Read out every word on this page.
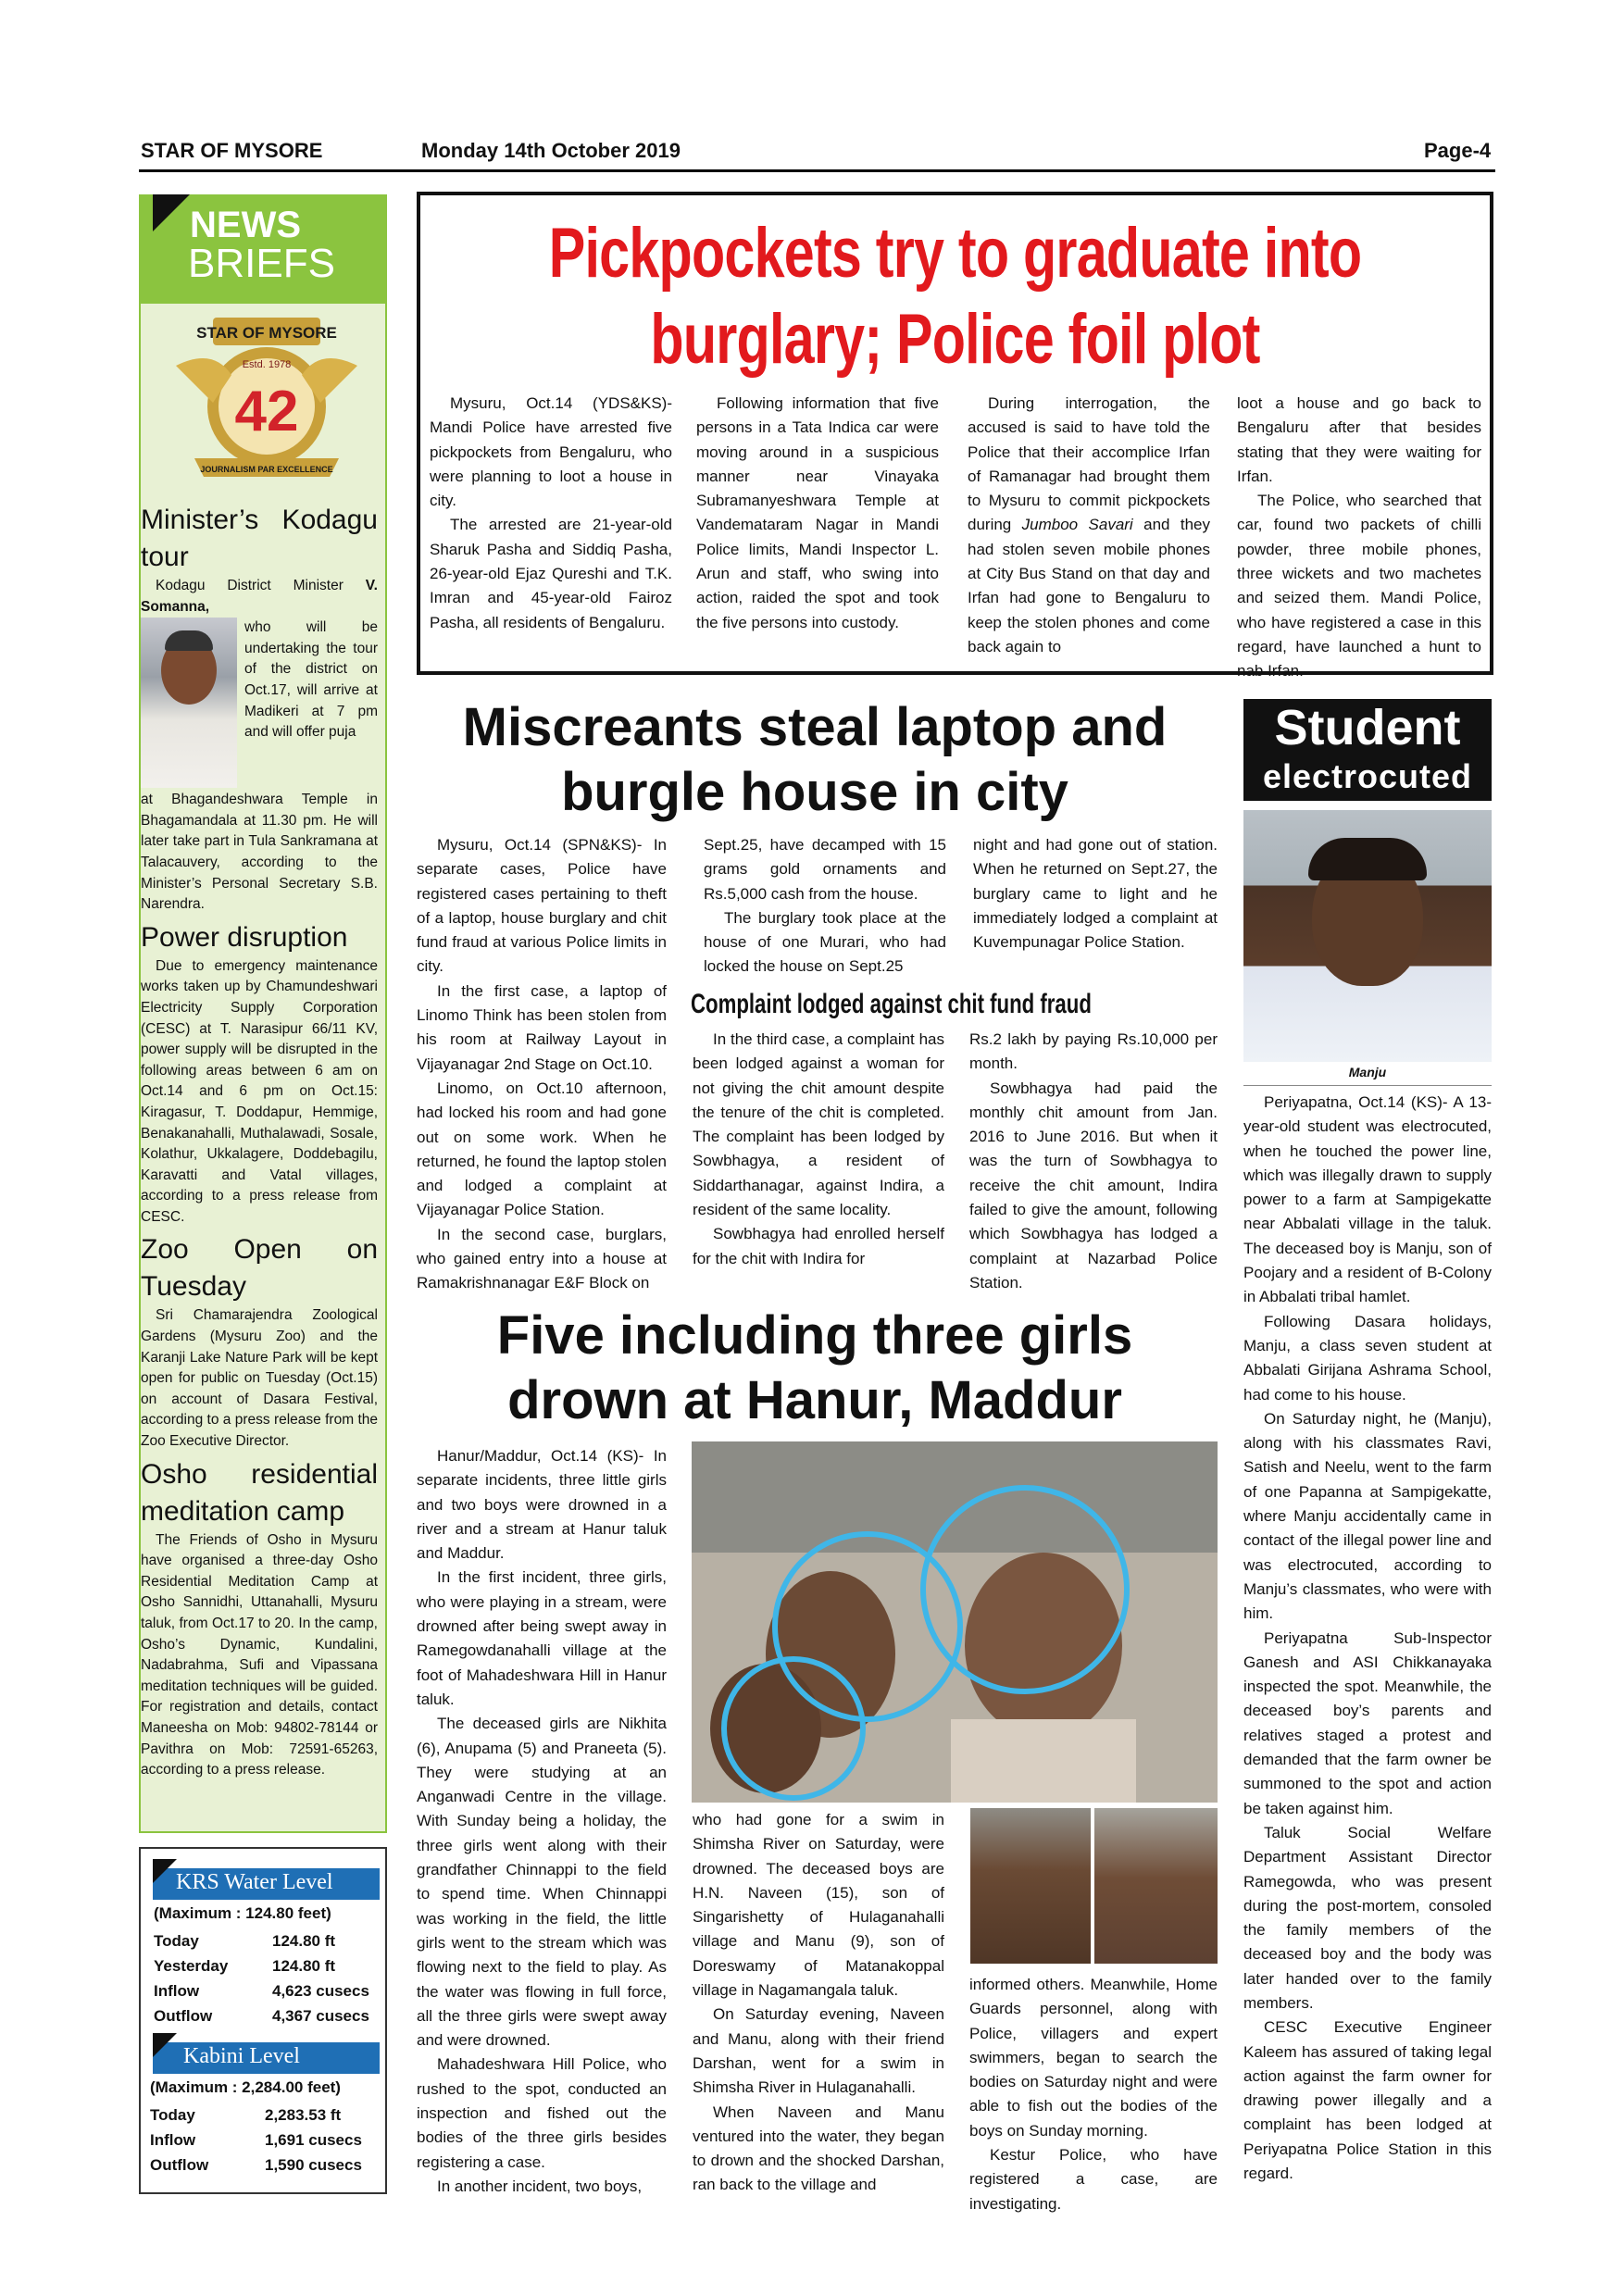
STAR OF MYSORE	Monday 14th October 2019	Page-4
NEWS
BRIEFS
STAR OF MYSORE
Estd. 1978
42
JOURNALISM PAR EXCELLENCE
Minister’s Kodagu tour

Kodagu District Minister V. Somanna,

who will be undertaking the tour of the district on Oct.17, will arrive at Madikeri at 7 pm and will offer puja

at Bhagandeshwara Temple in Bhagamandala at 11.30 pm. He will later take part in Tula Sankramana at Talacauvery, according to the Minister’s Personal Secretary S.B. Narendra.

Power disruption

Due to emergency maintenance works taken up by Chamundeshwari Electricity Supply Corporation (CESC) at T. Narasipur 66/11 KV, power supply will be disrupted in the following areas between 6 am on Oct.14 and 6 pm on Oct.15: Kiragasur, T. Doddapur, Hemmige, Benakanahalli, Muthalawadi, Sosale, Kolathur, Ukkalagere, Doddebagilu, Karavatti and Vatal villages, according to a press release from CESC.

Zoo Open on Tuesday

Sri Chamarajendra Zoological Gardens (Mysuru Zoo) and the Karanji Lake Nature Park will be kept open for public on Tuesday (Oct.15) on account of Dasara Festival, according to a press release from the Zoo Executive Director.

Osho residential meditation camp

The Friends of Osho in Mysuru have organised a three-day Osho Residential Meditation Camp at Osho Sannidhi, Uttanahalli, Mysuru taluk, from Oct.17 to 20. In the camp, Osho’s Dynamic, Kundalini, Nadabrahma, Sufi and Vipassana meditation techniques will be guided. For registration and details, contact Maneesha on Mob: 94802-78144 or Pavithra on Mob: 72591-65263, according to a press release.

KRS Water Level
(Maximum : 124.80 feet)
Today	124.80 ft
Yesterday	124.80 ft
Inflow	4,623 cusecs
Outflow	4,367 cusecs
Kabini Level
(Maximum : 2,284.00 feet)
Today	2,283.53 ft
Inflow	1,691 cusecs
Outflow	1,590 cusecs
Pickpockets try to graduate into
burglary; Police foil plot

Mysuru, Oct.14 (YDS&KS)- Mandi Police have arrested five pickpockets from Bengaluru, who were planning to loot a house in city.

The arrested are 21-year-old Sharuk Pasha and Siddiq Pasha, 26-year-old Ejaz Qureshi and T.K. Imran and 45-year-old Fairoz Pasha, all residents of Bengaluru.

Following information that five persons in a Tata Indica car were moving around in a suspicious manner near Vinayaka Subramanyeshwara Temple at Vandemataram Nagar in Mandi Police limits, Mandi Inspector L. Arun and staff, who swing into action, raided the spot and took the five persons into custody.

During interrogation, the accused is said to have told the Police that their accomplice Irfan of Ramanagar had brought them to Mysuru to commit pickpockets during Jumboo Savari and they had stolen seven mobile phones at City Bus Stand on that day and Irfan had gone to Bengaluru to keep the stolen phones and come back again to

loot a house and go back to Bengaluru after that besides stating that they were waiting for Irfan.

The Police, who searched that car, found two packets of chilli powder, three mobile phones, three wickets and two machetes and seized them. Mandi Police, who have registered a case in this regard, have launched a hunt to nab Irfan.

Miscreants steal laptop and
burgle house in city

Mysuru, Oct.14 (SPN&KS)- In separate cases, Police have registered cases pertaining to theft of a laptop, house burglary and chit fund fraud at various Police limits in city.

In the first case, a laptop of Linomo Think has been stolen from his room at Railway Layout in Vijayanagar 2nd Stage on Oct.10.

Linomo, on Oct.10 afternoon, had locked his room and had gone out on some work. When he returned, he found the laptop stolen and lodged a complaint at Vijayanagar Police Station.

In the second case, burglars, who gained entry into a house at Ramakrishnanagar E&F Block on

Sept.25, have decamped with 15 grams gold ornaments and Rs.5,000 cash from the house.

The burglary took place at the house of one Murari, who had locked the house on Sept.25

night and had gone out of station. When he returned on Sept.27, the burglary came to light and he immediately lodged a complaint at Kuvempunagar Police Station.

Complaint lodged against chit fund fraud

In the third case, a complaint has been lodged against a woman for not giving the chit amount despite the tenure of the chit is completed. The complaint has been lodged by Sowbhagya, a resident of Siddarthanagar, against Indira, a resident of the same locality.

Sowbhagya had enrolled herself for the chit with Indira for

Rs.2 lakh by paying Rs.10,000 per month.

Sowbhagya had paid the monthly chit amount from Jan. 2016 to June 2016. But when it was the turn of Sowbhagya to receive the chit amount, Indira failed to give the amount, following which Sowbhagya has lodged a complaint at Nazarbad Police Station.

Five including three girls
drown at Hanur, Maddur

Hanur/Maddur, Oct.14 (KS)- In separate incidents, three little girls and two boys were drowned in a river and a stream at Hanur taluk and Maddur.

In the first incident, three girls, who were playing in a stream, were drowned after being swept away in Ramegowdanahalli village at the foot of Mahadeshwara Hill in Hanur taluk.

The deceased girls are Nikhita (6), Anupama (5) and Praneeta (5). They were studying at an Anganwadi Centre in the village. With Sunday being a holiday, the three girls went along with their grandfather Chinnappi to the field to spend time. When Chinnappi was working in the field, the little girls went to the stream which was flowing next to the field to play. As the water was flowing in full force, all the three girls were swept away and were drowned.

Mahadeshwara Hill Police, who rushed to the spot, conducted an inspection and fished out the bodies of the three girls besides registering a case.

In another incident, two boys,

who had gone for a swim in Shimsha River on Saturday, were drowned. The deceased boys are H.N. Naveen (15), son of Singarishetty of Hulaganahalli village and Manu (9), son of Doreswamy of Matanakoppal village in Nagamangala taluk.

On Saturday evening, Naveen and Manu, along with their friend Darshan, went for a swim in Shimsha River in Hulaganahalli.

When Naveen and Manu ventured into the water, they began to drown and the shocked Darshan, ran back to the village and

informed others. Meanwhile, Home Guards personnel, along with Police, villagers and expert swimmers, began to search the bodies on Saturday night and were able to fish out the bodies of the boys on Sunday morning.

Kestur Police, who have registered a case, are investigating.

Student
electrocuted
Manju

Periyapatna, Oct.14 (KS)- A 13-year-old student was electrocuted, when he touched the power line, which was illegally drawn to supply power to a farm at Sampigekatte near Abbalati village in the taluk. The deceased boy is Manju, son of Poojary and a resident of B-Colony in Abbalati tribal hamlet.

Following Dasara holidays, Manju, a class seven student at Abbalati Girijana Ashrama School, had come to his house.

On Saturday night, he (Manju), along with his classmates Ravi, Satish and Neelu, went to the farm of one Papanna at Sampigekatte, where Manju accidentally came in contact of the illegal power line and was electrocuted, according to Manju’s classmates, who were with him.

Periyapatna Sub-Inspector Ganesh and ASI Chikkanayaka inspected the spot. Meanwhile, the deceased boy’s parents and relatives staged a protest and demanded that the farm owner be summoned to the spot and action be taken against him.

Taluk Social Welfare Department Assistant Director Ramegowda, who was present during the post-mortem, consoled the family members of the deceased boy and the body was later handed over to the family members.

CESC Executive Engineer Kaleem has assured of taking legal action against the farm owner for drawing power illegally and a complaint has been lodged at Periyapatna Police Station in this regard.
